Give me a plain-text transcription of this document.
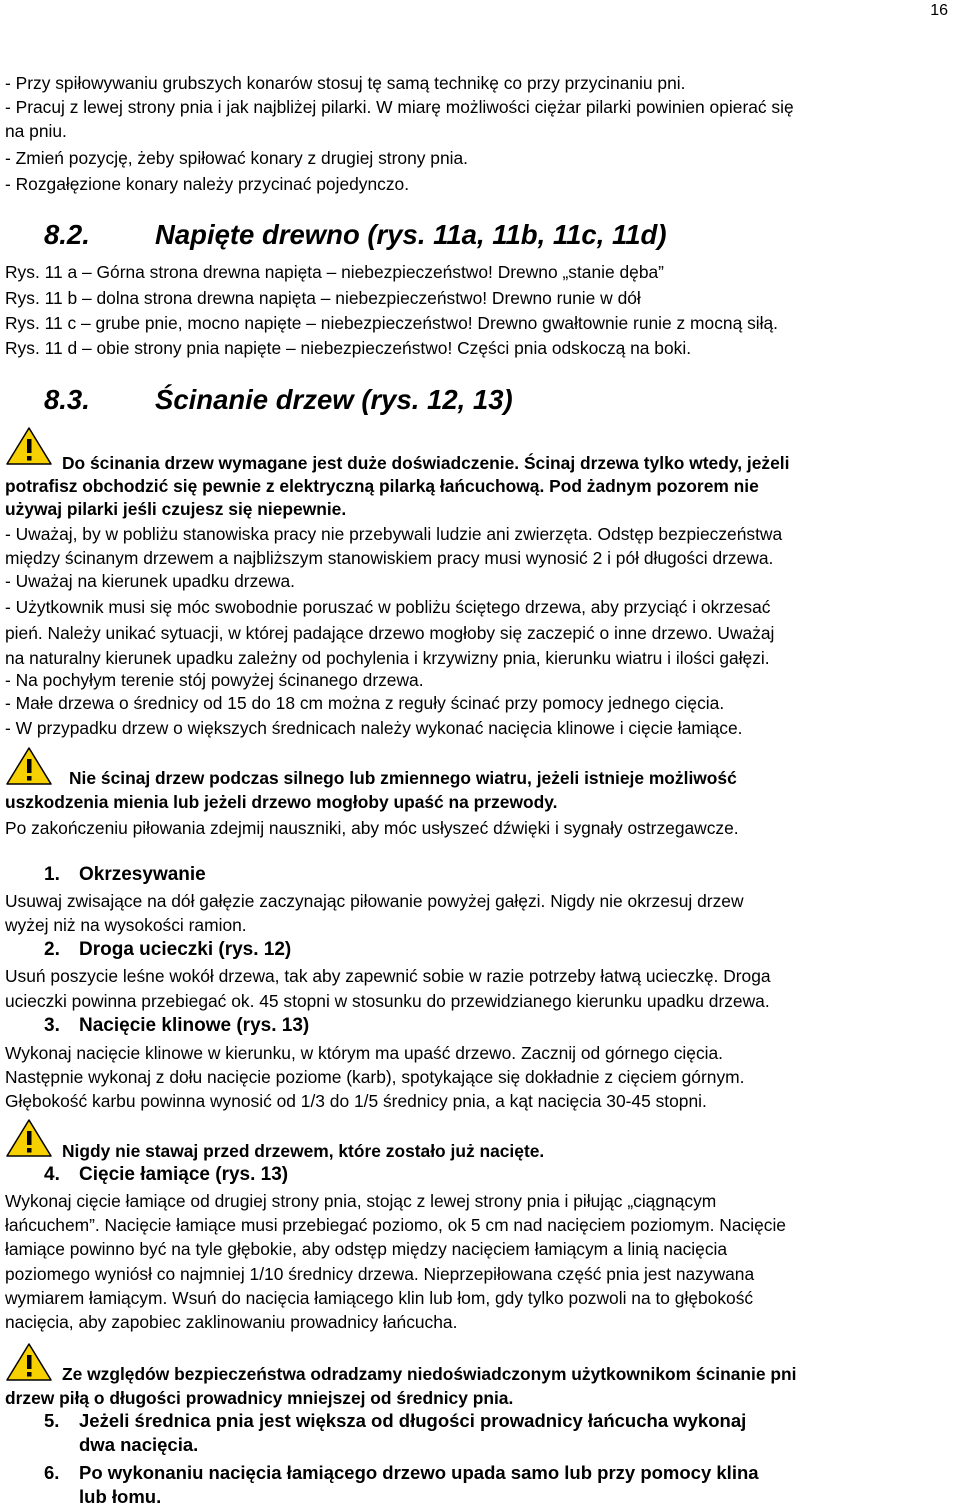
16
- Przy spiłowywaniu grubszych konarów stosuj tę samą technikę co przy przycinaniu pni.
- Pracuj z lewej strony pnia i jak najbliżej pilarki. W miarę możliwości ciężar pilarki powinien opierać się
na pniu.
- Zmień pozycję, żeby spiłować konary z drugiej strony pnia.
- Rozgałęzione konary należy przycinać pojedynczo.
8.2. Napięte drewno (rys. 11a, 11b, 11c, 11d)
Rys. 11 a – Górna strona drewna napięta – niebezpieczeństwo! Drewno „stanie dęba”
Rys. 11 b – dolna strona drewna napięta – niebezpieczeństwo! Drewno runie w dół
Rys. 11 c – grube pnie, mocno napięte – niebezpieczeństwo! Drewno gwałtownie runie z mocną siłą.
Rys. 11 d – obie strony pnia napięte – niebezpieczeństwo! Części pnia odskoczą na boki.
8.3. Ścinanie drzew (rys. 12, 13)
Do ścinania drzew wymagane jest duże doświadczenie. Ścinaj drzewa tylko wtedy, jeżeli
potrafisz obchodzić się pewnie z elektryczną pilarką łańcuchową. Pod żadnym pozorem nie
używaj pilarki jeśli czujesz się niepewnie.
- Uważaj, by w pobliżu stanowiska pracy nie przebywali ludzie ani zwierzęta. Odstęp bezpieczeństwa
między ścinanym drzewem a najbliższym stanowiskiem pracy musi wynosić 2 i pół długości drzewa.
- Uważaj na kierunek upadku drzewa.
- Użytkownik musi się móc swobodnie poruszać w pobliżu ściętego drzewa, aby przyciąć i okrzesać
pień. Należy unikać sytuacji, w której padające drzewo mogłoby się zaczepić o inne drzewo. Uważaj
na naturalny kierunek upadku zależny od pochylenia i krzywizny pnia, kierunku wiatru i ilości gałęzi.
- Na pochyłym terenie stój powyżej ścinanego drzewa.
- Małe drzewa o średnicy od 15 do 18 cm można z reguły ścinać przy pomocy jednego cięcia.
- W przypadku drzew o większych średnicach należy wykonać nacięcia klinowe i cięcie łamiące.
Nie ścinaj drzew podczas silnego lub zmiennego wiatru, jeżeli istnieje możliwość
uszkodzenia mienia lub jeżeli drzewo mogłoby upaść na przewody.
Po zakończeniu piłowania zdejmij nauszniki, aby móc usłyszeć dźwięki i sygnały ostrzegawcze.
1. Okrzesywanie
Usuwaj zwisające na dół gałęzie zaczynając piłowanie powyżej gałęzi. Nigdy nie okrzesuj drzew
wyżej niż na wysokości ramion.
2. Droga ucieczki (rys. 12)
Usuń poszycie leśne wokół drzewa, tak aby zapewnić sobie w razie potrzeby łatwą ucieczkę. Droga
ucieczki powinna przebiegać ok. 45 stopni w stosunku do przewidzianego kierunku upadku drzewa.
3. Nacięcie klinowe (rys. 13)
Wykonaj nacięcie klinowe w kierunku, w którym ma upaść drzewo. Zacznij od górnego cięcia.
Następnie wykonaj z dołu nacięcie poziome (karb), spotykające się dokładnie z cięciem górnym.
Głębokość karbu powinna wynosić od 1/3 do 1/5 średnicy pnia, a kąt nacięcia 30-45 stopni.
Nigdy nie stawaj przed drzewem, które zostało już nacięte.
4. Cięcie łamiące (rys. 13)
Wykonaj cięcie łamiące od drugiej strony pnia, stojąc z lewej strony pnia i piłując „ciągnącym
łańcuchem”. Nacięcie łamiące musi przebiegać poziomo, ok 5 cm nad nacięciem poziomym. Nacięcie
łamiące powinno być na tyle głębokie, aby odstęp między nacięciem łamiącym a linią nacięcia
poziomego wyniósł co najmniej 1/10 średnicy drzewa. Nieprzepiłowana część pnia jest nazywana
wymiarem łamiącym. Wsuń do nacięcia łamiącego klin lub łom, gdy tylko pozwoli na to głębokość
nacięcia, aby zapobiec zaklinowaniu prowadnicy łańcucha.
Ze względów bezpieczeństwa odradzamy niedoświadczonym użytkownikom ścinanie pni
drzew piłą o długości prowadnicy mniejszej od średnicy pnia.
5. Jeżeli średnica pnia jest większa od długości prowadnicy łańcucha wykonaj
dwa nacięcia.
6. Po wykonaniu nacięcia łamiącego drzewo upada samo lub przy pomocy klina
lub łomu.
